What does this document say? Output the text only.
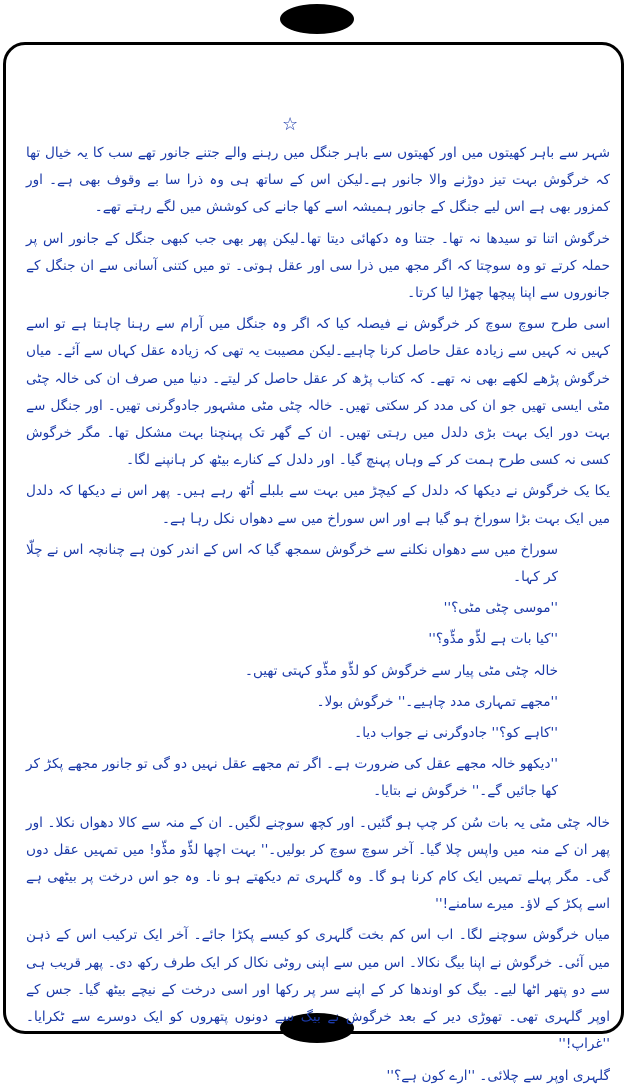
☆

شہر سے باہر کھیتوں میں اور کھیتوں سے باہر جنگل میں رہنے والے جتنے جانور تھے سب کا یہ خیال تھا کہ خرگوش بہت تیز دوڑنے والا جانور ہے۔لیکن اس کے ساتھ ہی وہ ذرا سا بے وقوف بھی ہے۔ اور کمزور بھی ہے اس لیے جنگل کے جانور ہمیشہ اسے کھا جانے کی کوشش میں لگے رہتے تھے۔

خرگوش اتنا تو سیدھا نہ تھا۔ جتنا وہ دکھائی دیتا تھا۔لیکن پھر بھی جب کبھی جنگل کے جانور اس پر حملہ کرتے تو وہ سوچتا کہ اگر مجھ میں ذرا سی اور عقل ہوتی۔ تو میں کتنی آسانی سے ان جنگل کے جانوروں سے اپنا پیچھا چھڑا لیا کرتا۔

اسی طرح سوچ سوچ کر خرگوش نے فیصلہ کیا کہ اگر وہ جنگل میں آرام سے رہنا چاہتا ہے تو اسے کہیں نہ کہیں سے زیادہ عقل حاصل کرنا چاہیے۔لیکن مصیبت یہ تھی کہ زیادہ عقل کہاں سے آئے۔ میاں خرگوش پڑھے لکھے بھی نہ تھے۔ کہ کتاب پڑھ کر عقل حاصل کر لیتے۔ دنیا میں صرف ان کی خالہ چٹی مٹی ایسی تھیں جو ان کی مدد کر سکتی تھیں۔ خالہ چٹی مٹی مشہور جادوگرنی تھیں۔ اور جنگل سے بہت دور ایک بہت بڑی دلدل میں رہتی تھیں۔ ان کے گھر تک پہنچنا بہت مشکل تھا۔ مگر خرگوش کسی نہ کسی طرح ہمت کر کے وہاں پہنچ گیا۔ اور دلدل کے کنارے بیٹھ کر ہانپنے لگا۔

یکا یک خرگوش نے دیکھا کہ دلدل کے کیچڑ میں بہت سے بلبلے اُٹھ رہے ہیں۔ پھر اس نے دیکھا کہ دلدل میں ایک بہت بڑا سوراخ ہو گیا ہے اور اس سوراخ میں سے دھواں نکل رہا ہے۔

سوراخ میں سے دھواں نکلنے سے خرگوش سمجھ گیا کہ اس کے اندر کون ہے چنانچہ اس نے چلّا کر کہا۔

''موسی چٹی مٹی؟''

''کیا بات ہے لڈّو مڈّو؟''

خالہ چٹی مٹی پیار سے خرگوش کو لڈّو مڈّو کہتی تھیں۔

''مجھے تمہاری مدد چاہیے۔'' خرگوش بولا۔

''کاہے کو؟'' جادوگرنی نے جواب دیا۔

''دیکھو خالہ مجھے عقل کی ضرورت ہے۔ اگر تم مجھے عقل نہیں دو گی تو جانور مجھے پکڑ کر کھا جائیں گے۔'' خرگوش نے بتایا۔

خالہ چٹی مٹی یہ بات سُن کر چپ ہو گئیں۔ اور کچھ سوچنے لگیں۔ ان کے منہ سے کالا دھواں نکلا۔ اور پھر ان کے منہ میں واپس چلا گیا۔ آخر سوچ سوچ کر بولیں۔'' بہت اچھا لڈّو مڈّو! میں تمہیں عقل دوں گی۔ مگر پہلے تمہیں ایک کام کرنا ہو گا۔ وہ گلہری تم دیکھتے ہو نا۔ وہ جو اس درخت پر بیٹھی ہے اسے پکڑ کے لاؤ۔ میرے سامنے!''

میاں خرگوش سوچنے لگا۔ اب اس کم بخت گلہری کو کیسے پکڑا جائے۔ آخر ایک ترکیب اس کے ذہن میں آئی۔ خرگوش نے اپنا بیگ نکالا۔ اس میں سے اپنی روٹی نکال کر ایک طرف رکھ دی۔ پھر قریب ہی سے دو پتھر اٹھا لیے۔ بیگ کو اوندھا کر کے اپنے سر پر رکھا اور اسی درخت کے نیچے بیٹھ گیا۔ جس کے اوپر گلہری تھی۔ تھوڑی دیر کے بعد خرگوش نے بیگ سے دونوں پتھروں کو ایک دوسرے سے ٹکرایا۔ ''غراپ!''

گلہری اوپر سے چلائی۔ ''ارے کون ہے؟''
